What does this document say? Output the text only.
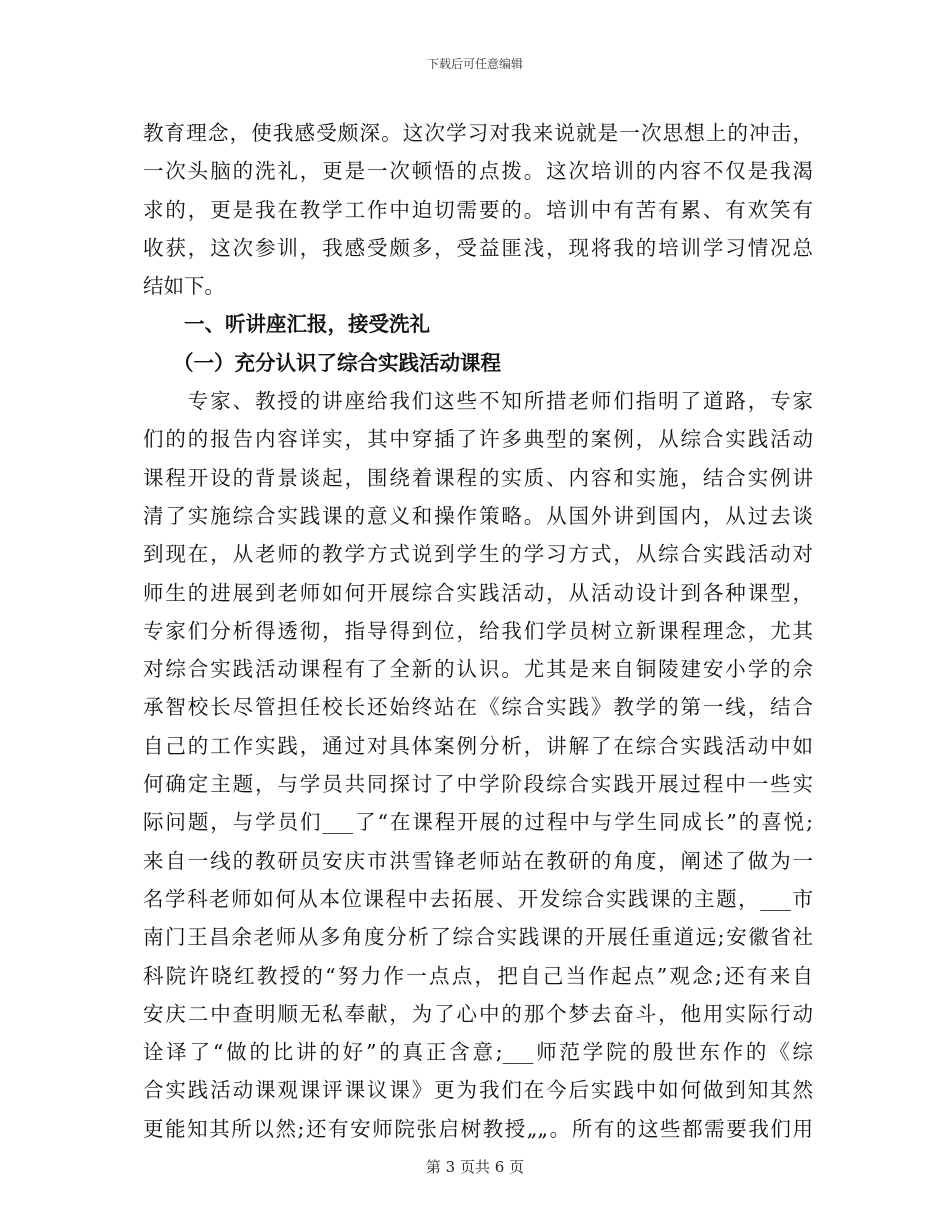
下载后可任意编辑
教育理念，使我感受颇深。这次学习对我来说就是一次思想上的冲击，
一次头脑的洗礼，更是一次顿悟的点拨。这次培训的内容不仅是我渴
求的，更是我在教学工作中迫切需要的。培训中有苦有累、有欢笑有
收获，这次参训，我感受颇多，受益匪浅，现将我的培训学习情况总
结如下。
一、听讲座汇报，接受洗礼
（一）充分认识了综合实践活动课程
　　专家、教授的讲座给我们这些不知所措老师们指明了道路，专家
们的的报告内容详实，其中穿插了许多典型的案例，从综合实践活动
课程开设的背景谈起，围绕着课程的实质、内容和实施，结合实例讲
清了实施综合实践课的意义和操作策略。从国外讲到国内，从过去谈
到现在，从老师的教学方式说到学生的学习方式，从综合实践活动对
师生的进展到老师如何开展综合实践活动，从活动设计到各种课型，
专家们分析得透彻，指导得到位，给我们学员树立新课程理念，尤其
对综合实践活动课程有了全新的认识。尤其是来自铜陵建安小学的佘
承智校长尽管担任校长还始终站在《综合实践》教学的第一线，结合
自己的工作实践，通过对具体案例分析，讲解了在综合实践活动中如
何确定主题，与学员共同探讨了中学阶段综合实践开展过程中一些实
际问题，与学员们___了“在课程开展的过程中与学生同成长”的喜悦;
来自一线的教研员安庆市洪雪锋老师站在教研的角度，阐述了做为一
名学科老师如何从本位课程中去拓展、开发综合实践课的主题，___市
南门王昌余老师从多角度分析了综合实践课的开展任重道远;安徽省社
科院许晓红教授的“努力作一点点，把自己当作起点”观念;还有来自
安庆二中查明顺无私奉献，为了心中的那个梦去奋斗，他用实际行动
诠译了“做的比讲的好”的真正含意;___师范学院的殷世东作的《综
合实践活动课观课评课议课》更为我们在今后实践中如何做到知其然
更能知其所以然;还有安师院张启树教授„„。所有的这些都需要我们用
第 3 页共 6 页
